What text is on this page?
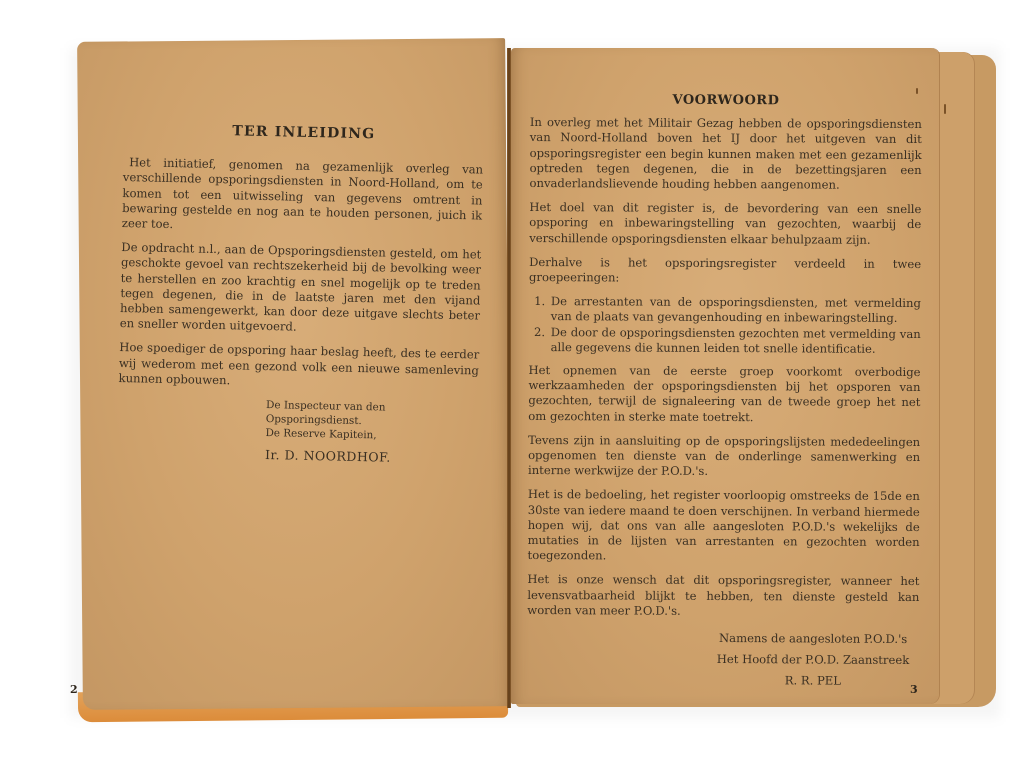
TER INLEIDING

Het initiatief, genomen na gezamenlijk overleg van verschillende opsporingsdiensten in Noord-Holland, om te komen tot een uitwisseling van gegevens omtrent in bewaring gestelde en nog aan te houden personen, juich ik zeer toe.

De opdracht n.l., aan de Opsporingsdiensten gesteld, om het geschokte gevoel van rechtszekerheid bij de bevolking weer te herstellen en zoo krachtig en snel mogelijk op te treden tegen degenen, die in de laatste jaren met den vijand hebben samengewerkt, kan door deze uitgave slechts beter en sneller worden uitgevoerd.

Hoe spoediger de opsporing haar beslag heeft, des te eerder wij wederom met een gezond volk een nieuwe samenleving kunnen opbouwen.

De Inspecteur van den Opsporingsdienst.
De Reserve Kapitein,
Ir. D. NOORDHOF.
VOORWOORD

In overleg met het Militair Gezag hebben de opsporingsdiensten van Noord-Holland boven het IJ door het uitgeven van dit opsporingsregister een begin kunnen maken met een gezamenlijk optreden tegen degenen, die in de bezettingsjaren een onvaderlandslievende houding hebben aangenomen.

Het doel van dit register is, de bevordering van een snelle opsporing en inbewaringstelling van gezochten, waarbij de verschillende opsporingsdiensten elkaar behulpzaam zijn.

Derhalve is het opsporingsregister verdeeld in twee groepeeringen:

1. De arrestanten van de opsporingsdiensten, met vermelding van de plaats van gevangenhouding en inbewaringstelling.
2. De door de opsporingsdiensten gezochten met vermelding van alle gegevens die kunnen leiden tot snelle identificatie.

Het opnemen van de eerste groep voorkomt overbodige werkzaamheden der opsporingsdiensten bij het opsporen van gezochten, terwijl de signaleering van de tweede groep het net om gezochten in sterke mate toetrekt.

Tevens zijn in aansluiting op de opsporingslijsten mededeelingen opgenomen ten dienste van de onderlinge samenwerking en interne werkwijze der P.O.D.'s.

Het is de bedoeling, het register voorloopig omstreeks de 15de en 30ste van iedere maand te doen verschijnen. In verband hiermede hopen wij, dat ons van alle aangesloten P.O.D.'s wekelijks de mutaties in de lijsten van arrestanten en gezochten worden toegezonden.

Het is onze wensch dat dit opsporingsregister, wanneer het levensvatbaarheid blijkt te hebben, ten dienste gesteld kan worden van meer P.O.D.'s.

Namens de aangesloten P.O.D.'s
Het Hoofd der P.O.D. Zaanstreek
R. R. PEL
2	3
